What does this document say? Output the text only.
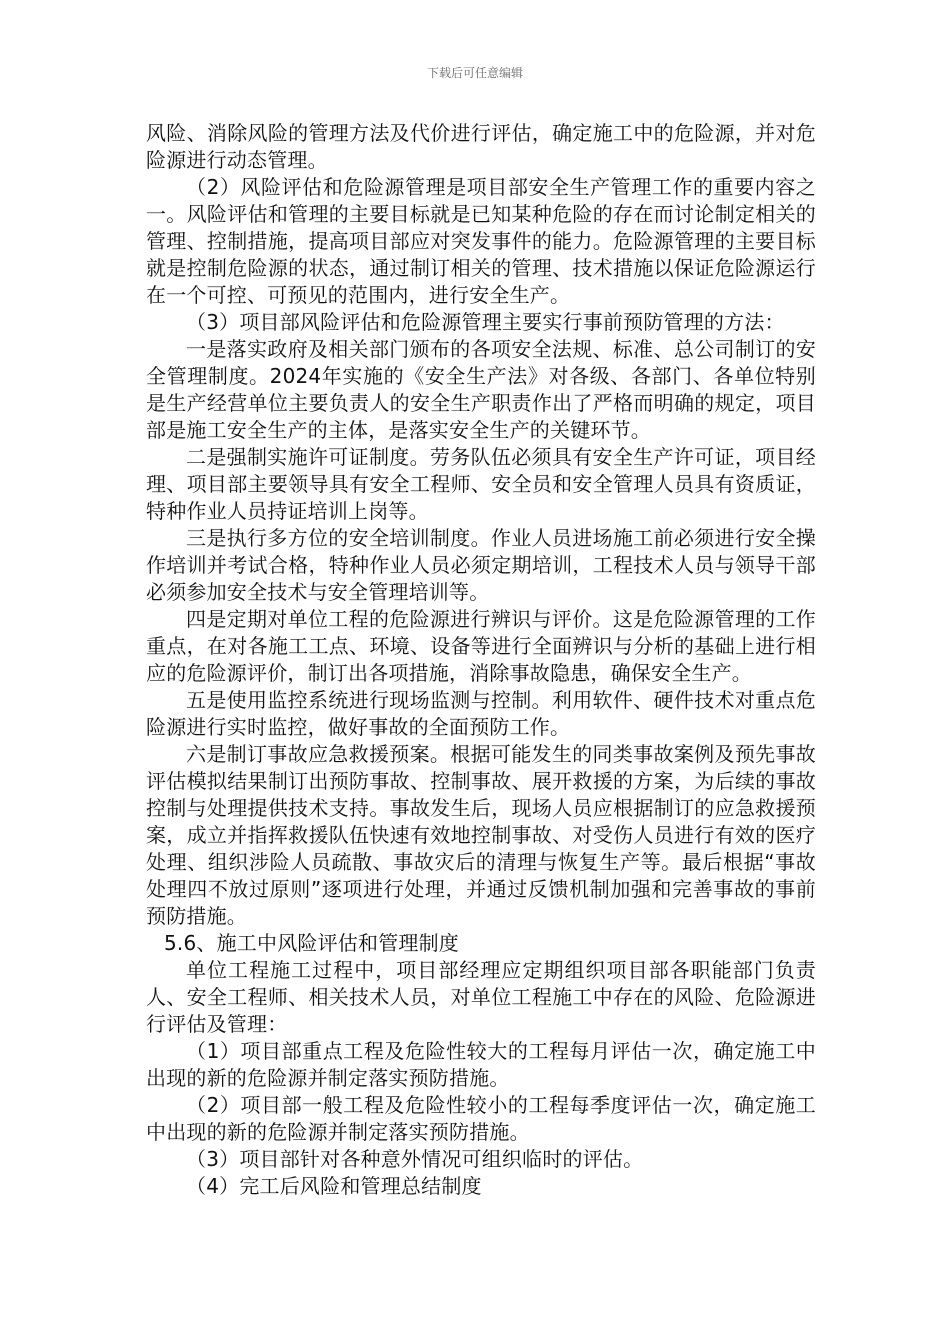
下载后可任意编辑

风险、消除风险的管理方法及代价进行评估，确定施工中的危险源，并对危险源进行动态管理。

（2）风险评估和危险源管理是项目部安全生产管理工作的重要内容之一。风险评估和管理的主要目标就是已知某种危险的存在而讨论制定相关的管理、控制措施，提高项目部应对突发事件的能力。危险源管理的主要目标就是控制危险源的状态，通过制订相关的管理、技术措施以保证危险源运行在一个可控、可预见的范围内，进行安全生产。

（3）项目部风险评估和危险源管理主要实行事前预防管理的方法：

一是落实政府及相关部门颁布的各项安全法规、标准、总公司制订的安全管理制度。2024年实施的《安全生产法》对各级、各部门、各单位特别是生产经营单位主要负责人的安全生产职责作出了严格而明确的规定，项目部是施工安全生产的主体，是落实安全生产的关键环节。

二是强制实施许可证制度。劳务队伍必须具有安全生产许可证，项目经理、项目部主要领导具有安全工程师、安全员和安全管理人员具有资质证，特种作业人员持证培训上岗等。

三是执行多方位的安全培训制度。作业人员进场施工前必须进行安全操作培训并考试合格，特种作业人员必须定期培训，工程技术人员与领导干部必须参加安全技术与安全管理培训等。

四是定期对单位工程的危险源进行辨识与评价。这是危险源管理的工作重点，在对各施工工点、环境、设备等进行全面辨识与分析的基础上进行相应的危险源评价，制订出各项措施，消除事故隐患，确保安全生产。

五是使用监控系统进行现场监测与控制。利用软件、硬件技术对重点危险源进行实时监控，做好事故的全面预防工作。

六是制订事故应急救援预案。根据可能发生的同类事故案例及预先事故评估模拟结果制订出预防事故、控制事故、展开救援的方案，为后续的事故控制与处理提供技术支持。事故发生后，现场人员应根据制订的应急救援预案，成立并指挥救援队伍快速有效地控制事故、对受伤人员进行有效的医疗处理、组织涉险人员疏散、事故灾后的清理与恢复生产等。最后根据“事故处理四不放过原则”逐项进行处理，并通过反馈机制加强和完善事故的事前预防措施。

5.6、施工中风险评估和管理制度

单位工程施工过程中，项目部经理应定期组织项目部各职能部门负责人、安全工程师、相关技术人员，对单位工程施工中存在的风险、危险源进行评估及管理：

（1）项目部重点工程及危险性较大的工程每月评估一次，确定施工中出现的新的危险源并制定落实预防措施。

（2）项目部一般工程及危险性较小的工程每季度评估一次，确定施工中出现的新的危险源并制定落实预防措施。

（3）项目部针对各种意外情况可组织临时的评估。

（4）完工后风险和管理总结制度
